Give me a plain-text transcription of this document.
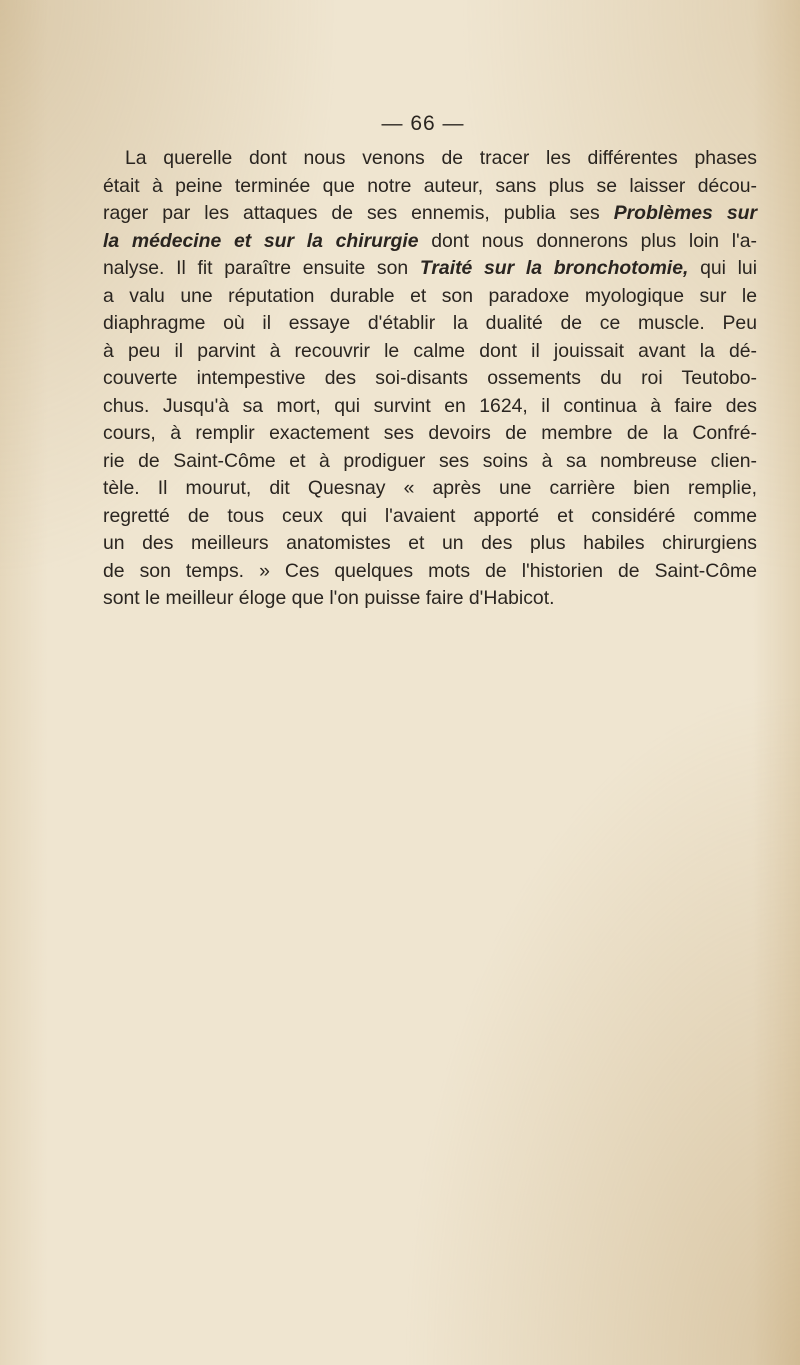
— 66 —
La querelle dont nous venons de tracer les différentes phases
était à peine terminée que notre auteur, sans plus se laisser décou-
rager par les attaques de ses ennemis, publia ses Problèmes sur
la médecine et sur la chirurgie dont nous donnerons plus loin l'a-
nalyse. Il fit paraître ensuite son Traité sur la bronchotomie, qui lui
a valu une réputation durable et son paradoxe myologique sur le
diaphragme où il essaye d'établir la dualité de ce muscle. Peu
à peu il parvint à recouvrir le calme dont il jouissait avant la dé-
couverte intempestive des soi-disants ossements du roi Teutobo-
chus. Jusqu'à sa mort, qui survint en 1624, il continua à faire des
cours, à remplir exactement ses devoirs de membre de la Confré-
rie de Saint-Côme et à prodiguer ses soins à sa nombreuse clien-
tèle. Il mourut, dit Quesnay « après une carrière bien remplie,
regretté de tous ceux qui l'avaient apporté et considéré comme
un des meilleurs anatomistes et un des plus habiles chirurgiens
de son temps. » Ces quelques mots de l'historien de Saint-Côme
sont le meilleur éloge que l'on puisse faire d'Habicot.
